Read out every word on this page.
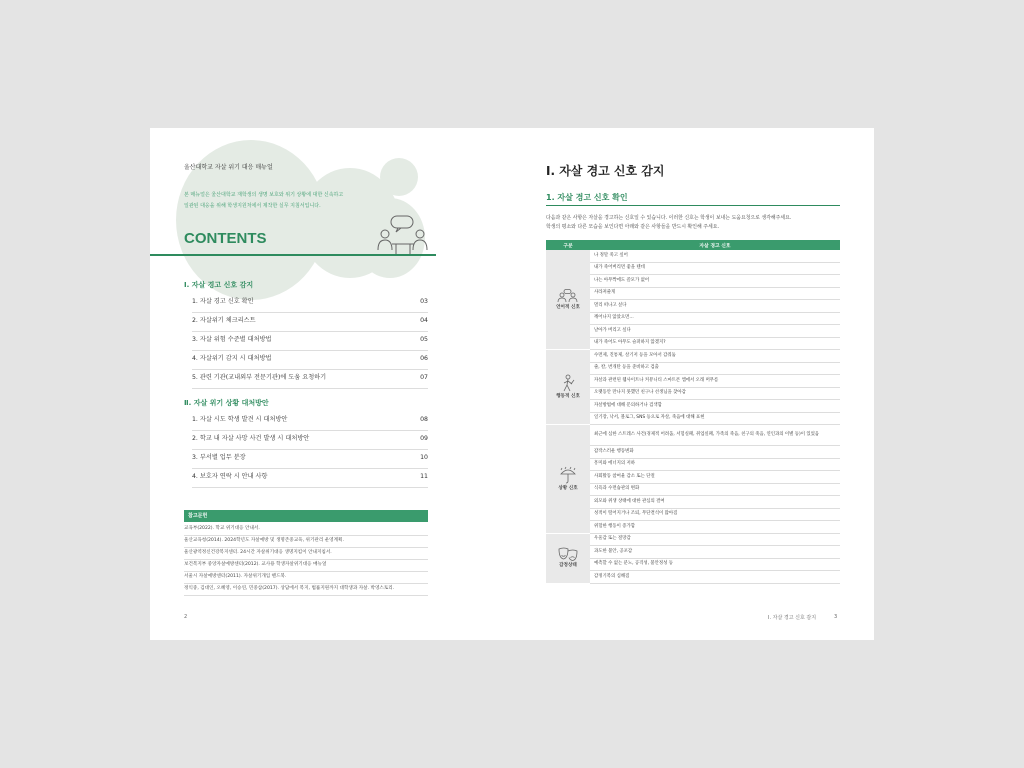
울산대학교 자살 위기 대응 매뉴얼
본 매뉴얼은 울산대학교 재학생의 생명 보호와 위기 상황에 대한 신속하고
일관된 대응을 위해 학생지원처에서 제작한 실무 지침서입니다.
CONTENTS
Ⅰ. 자살 경고 신호 감지
1. 자살 경고 신호 확인	03
2. 자살위기 체크리스트	04
3. 자살 위험 수준별 대처방법	05
4. 자살위기 감지 시 대처방법	06
5. 관련 기관(교내외부 전문기관)에 도움 요청하기	07
Ⅱ. 자살 위기 상황 대처방안
1. 자살 시도 학생 발견 시 대처방안	08
2. 학교 내 자살 사망 사건 발생 시 대처방안	09
3. 부서별 업무 분장	10
4. 보호자 연락 시 안내 사항	11
참고문헌
교육부(2022). 학교 위기대응 안내서.
울산교육청(2014). 2024학년도 자살예방 및 생명존중교육, 위기관리 운영계획.
울산광역정신건강복지센터. 24시간 자살위기대응 생명지킴이 안내지침서.
보건복지부 중앙자살예방센터(2012). 교사용 학생자살위기대응 매뉴얼
서울시 자살예방센터(2011). 자살위기개입 핸드북.
정익중, 김대인, 오혜영, 이승연, 민중삼(2017). 상담에서 복지, 법률지원까지 대학생과 자살. 박영스토리.
2
Ⅰ. 자살 경고 신호 감지
1. 자살 경고 신호 확인
다음과 같은 사항은 자살을 경고하는 신호일 수 있습니다. 이러한 신호는 학생이 보내는 도움요청으로 생각해주세요.
학생의 평소와 다른 모습을 보인다면 아래와 같은 사항들을 반드시 확인해 주세요.
구분	자살 경고 신호

언어적 신호	나 정말 죽고 싶어
	내가 죽어버리면 좋을 텐데
	나는 아무짝에도 쓸모가 없어
	사라져줄게
	멀리 떠나고 싶다
	깨어나지 않았으면…
	날아가 버리고 싶다
	내가 죽어도 아무도 슬퍼하지 않겠지?

행동적 신호	수면제, 진통제, 살기저 등을 모아서 감춰둠
	줄, 칼, 번개탄 등을 준비하고 검출
	자살과 관련된 웹사이트나 커뮤니티 스마트폰 앱에서 오래 머무름
	오랫동안 만나지 못했던 친구나 선생님을 찾아감
	자살방법에 대해 문의하거나 검색함
	일기장, 낙서, 블로그, SNS 등으로 자살, 죽음에 대해 표현

상황 신호	최근에 심한 스트레스 사건(경제적 어려움, 서험실패, 취업실패, 가족의 죽음, 친구의 죽음, 연인과의 이별 등)이 있었음
	갑작스러운 행동변화
	흥미와 에너지의 저하
	사회활동 참여율 감소 또는 단절
	식욕과 수면습관의 변화
	외모와 위생 상태에 대한 관심의 결여
	성적이 떨어지거나 조퇴, 무단결석이 많아짐
	위험한 행동이 증가함

감정상태	우울감 또는 절망감
	과도한 불안, 공포감
	예측할 수 없는 분노, 공격성, 불안정성 등
	감정기복의 심해짐
Ⅰ. 자살 경고 신호 감지	3
